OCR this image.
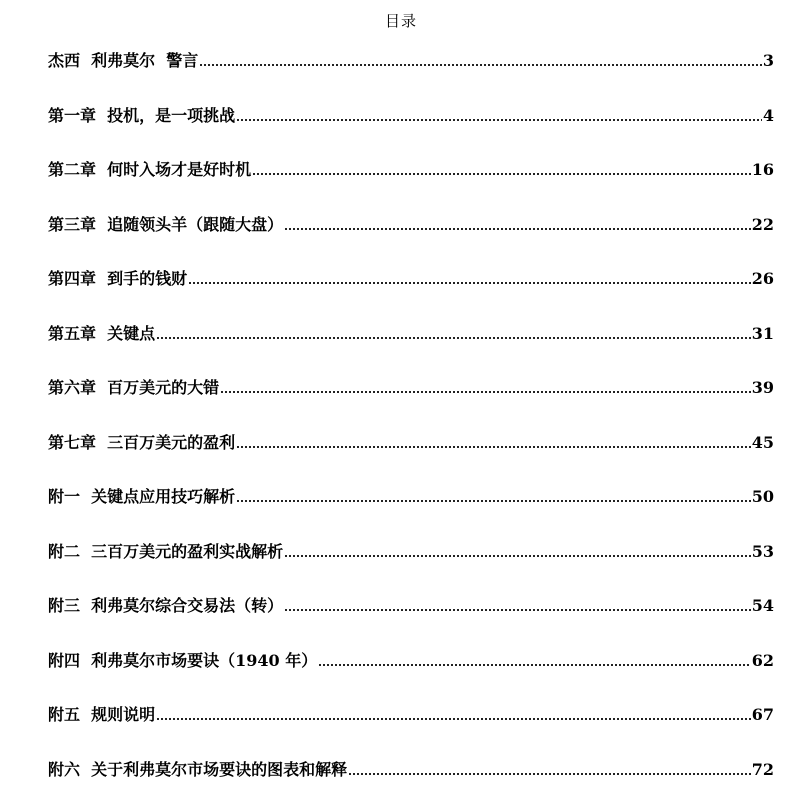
目录
杰西  利弗莫尔  警言	3
第一章  投机，是一项挑战	4
第二章  何时入场才是好时机	16
第三章  追随领头羊（跟随大盘）	22
第四章  到手的钱财	26
第五章  关键点	31
第六章  百万美元的大错	39
第七章  三百万美元的盈利	45
附一  关键点应用技巧解析	50
附二  三百万美元的盈利实战解析	53
附三  利弗莫尔综合交易法（转）	54
附四  利弗莫尔市场要诀（1940 年）	62
附五  规则说明	67
附六  关于利弗莫尔市场要诀的图表和解释	72
